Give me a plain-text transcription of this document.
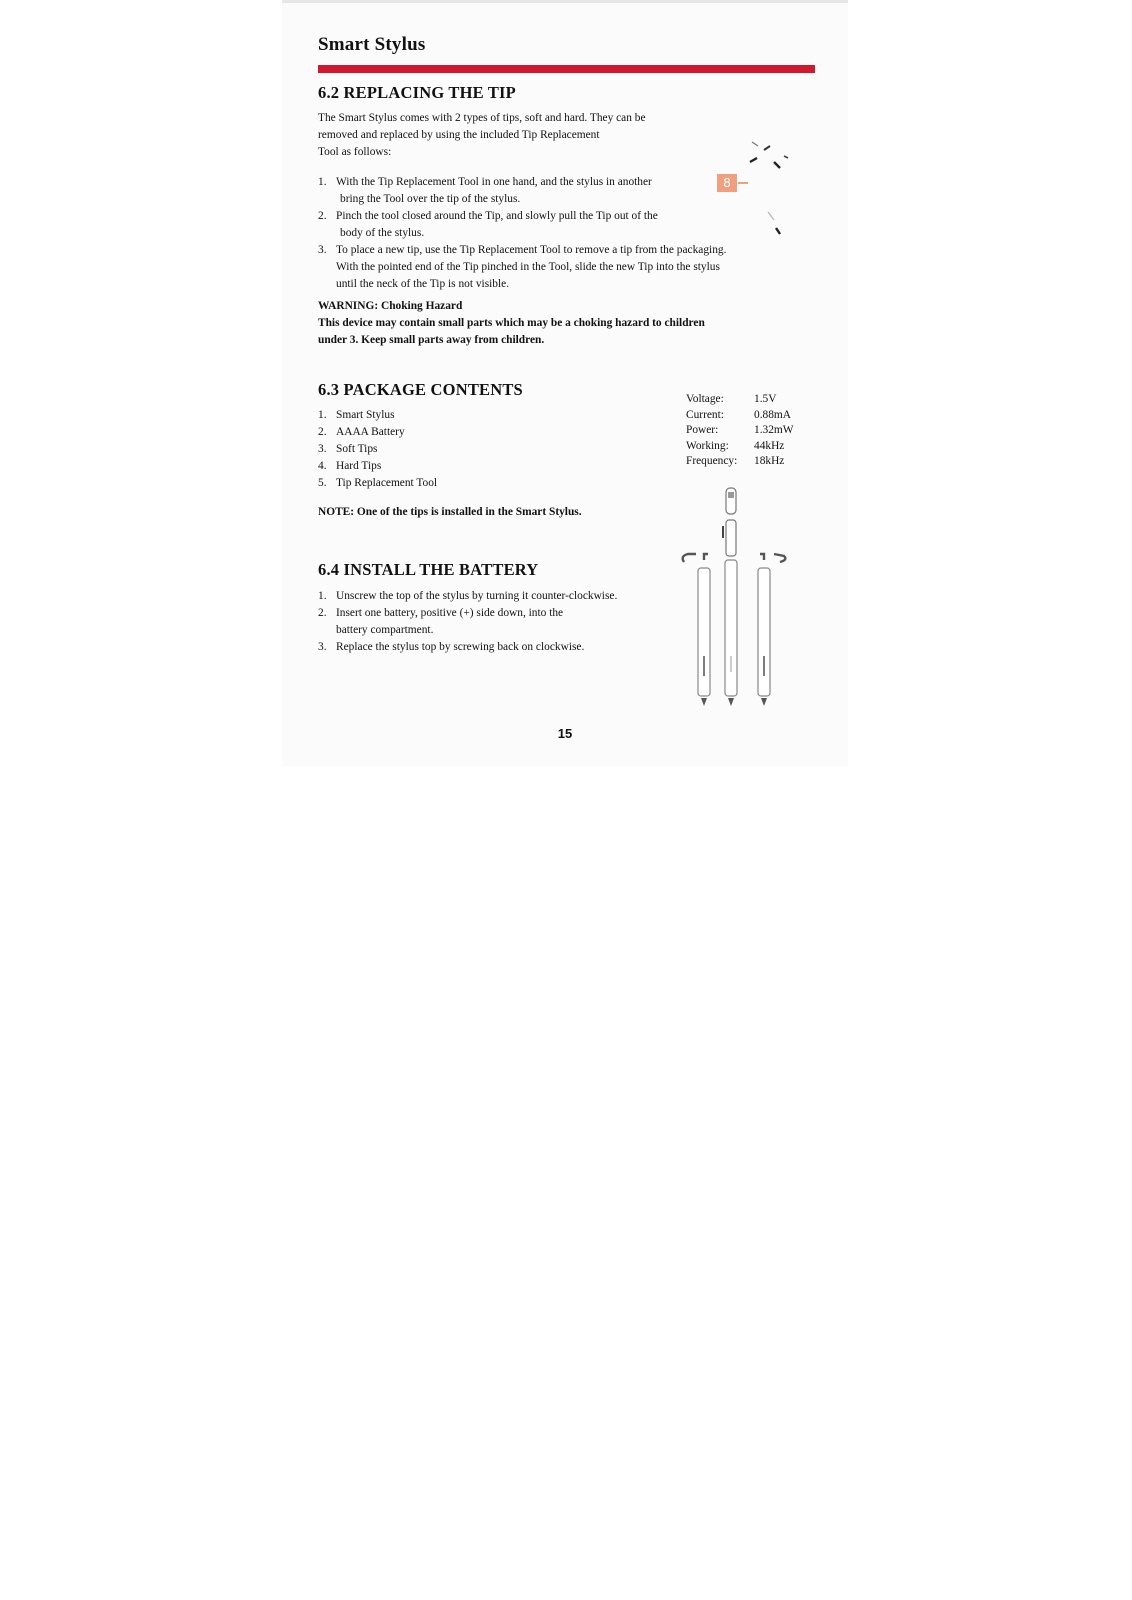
Smart Stylus
6.2 REPLACING THE TIP
The Smart Stylus comes with 2 types of tips, soft and hard. They can be
removed and replaced by using the included Tip Replacement
Tool as follows:
1. With the Tip Replacement Tool in one hand, and the stylus in another
bring the Tool over the tip of the stylus.
2. Pinch the tool closed around the Tip, and slowly pull the Tip out of the
body of the stylus.
3. To place a new tip, use the Tip Replacement Tool to remove a tip from the packaging.
With the pointed end of the Tip pinched in the Tool, slide the new Tip into the stylus
until the neck of the Tip is not visible.
8
WARNING: Choking Hazard
This device may contain small parts which may be a choking hazard to children
under 3. Keep small parts away from children.
6.3 PACKAGE CONTENTS
1. Smart Stylus
2. AAAA Battery
3. Soft Tips
4. Hard Tips
5. Tip Replacement Tool
NOTE: One of the tips is installed in the Smart Stylus.
Voltage:	1.5V
Current:	0.88mA
Power:	1.32mW
Working:	44kHz
Frequency:	18kHz
6.4 INSTALL THE BATTERY
1. Unscrew the top of the stylus by turning it counter-clockwise.
2. Insert one battery, positive (+) side down, into the
battery compartment.
3. Replace the stylus top by screwing back on clockwise.
15
